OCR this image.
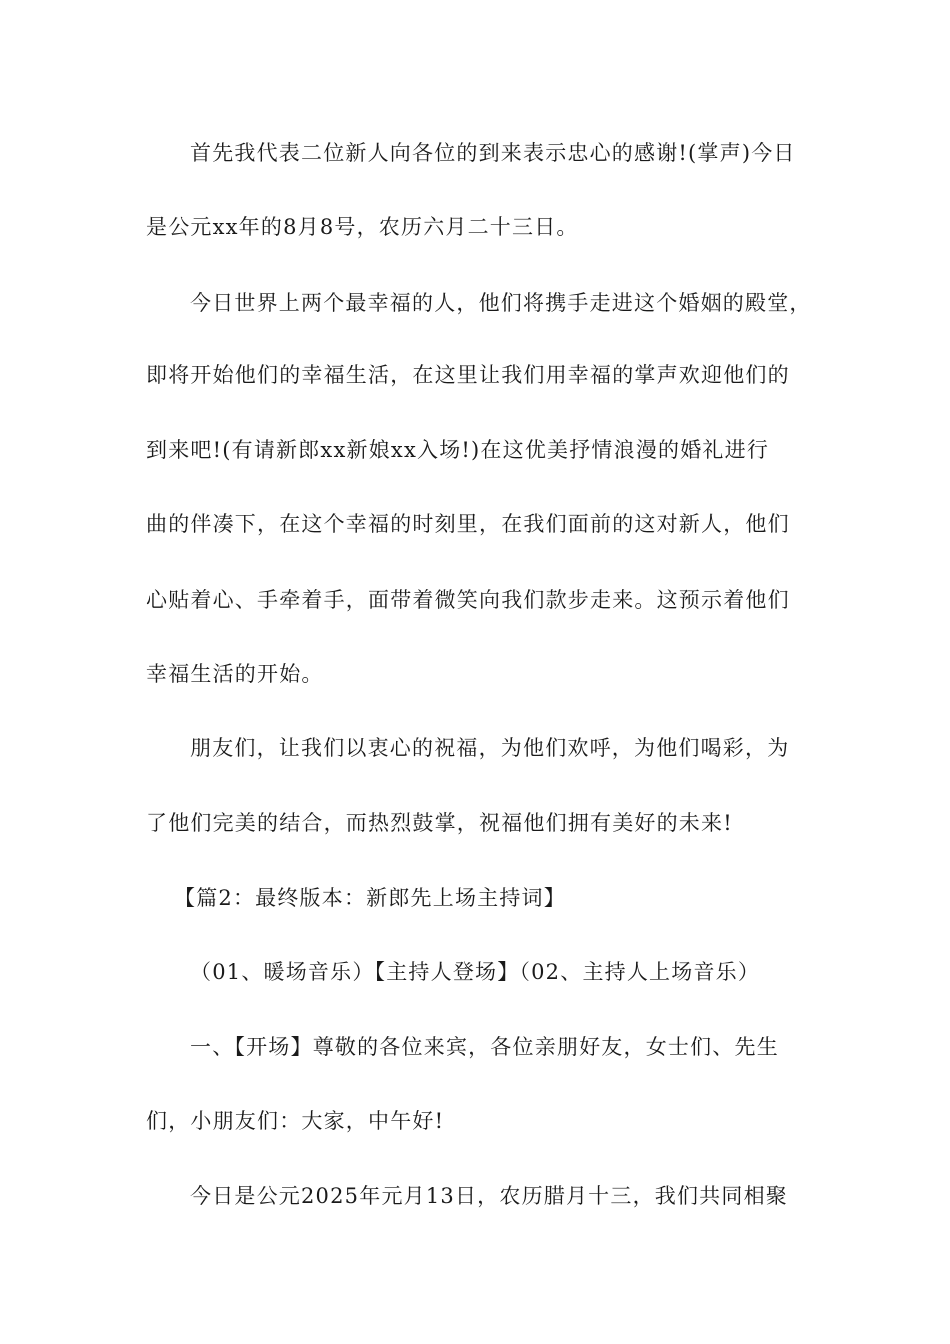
首先我代表二位新人向各位的到来表示忠心的感谢!(掌声)今日

是公元xx年的8月8号，农历六月二十三日。

今日世界上两个最幸福的人，他们将携手走进这个婚姻的殿堂，

即将开始他们的幸福生活，在这里让我们用幸福的掌声欢迎他们的

到来吧!(有请新郎xx新娘xx入场!)在这优美抒情浪漫的婚礼进行

曲的伴凑下，在这个幸福的时刻里，在我们面前的这对新人，他们

心贴着心、手牵着手，面带着微笑向我们款步走来。这预示着他们

幸福生活的开始。

朋友们，让我们以衷心的祝福，为他们欢呼，为他们喝彩，为

了他们完美的结合，而热烈鼓掌，祝福他们拥有美好的未来!

【篇2：最终版本：新郎先上场主持词】

（01、暖场音乐）【主持人登场】（02、主持人上场音乐）

一、【开场】尊敬的各位来宾，各位亲朋好友，女士们、先生

们，小朋友们：大家，中午好!

今日是公元2025年元月13日，农历腊月十三，我们共同相聚
